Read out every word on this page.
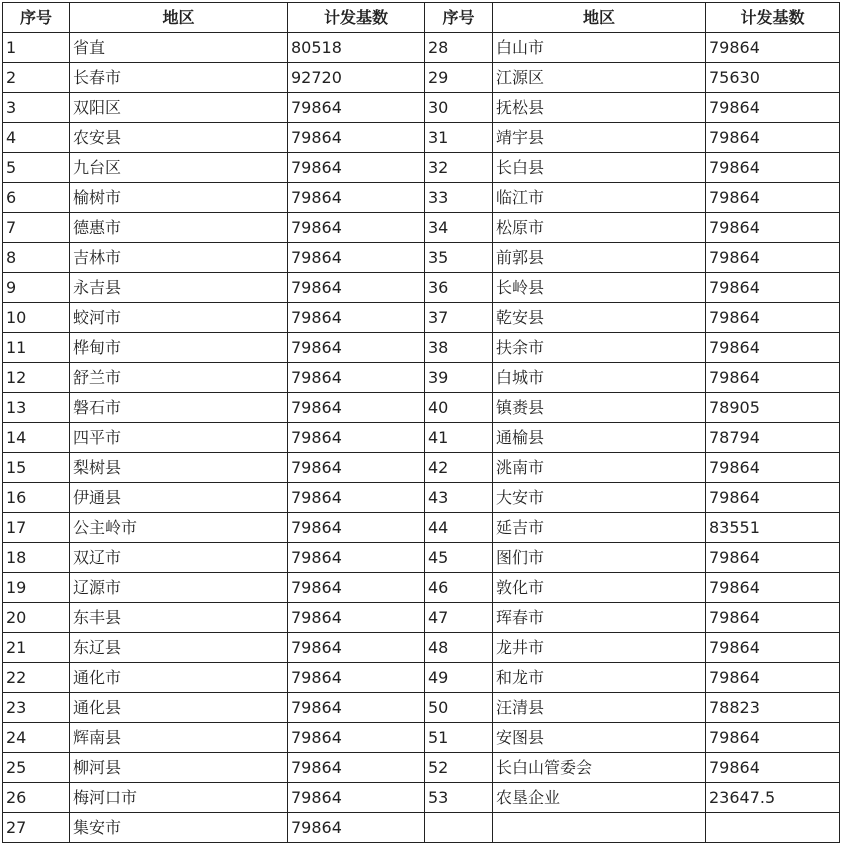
序号	地区	计发基数	序号	地区	计发基数
1	省直	80518	28	白山市	79864
2	长春市	92720	29	江源区	75630
3	双阳区	79864	30	抚松县	79864
4	农安县	79864	31	靖宇县	79864
5	九台区	79864	32	长白县	79864
6	榆树市	79864	33	临江市	79864
7	德惠市	79864	34	松原市	79864
8	吉林市	79864	35	前郭县	79864
9	永吉县	79864	36	长岭县	79864
10	蛟河市	79864	37	乾安县	79864
11	桦甸市	79864	38	扶余市	79864
12	舒兰市	79864	39	白城市	79864
13	磐石市	79864	40	镇赉县	78905
14	四平市	79864	41	通榆县	78794
15	梨树县	79864	42	洮南市	79864
16	伊通县	79864	43	大安市	79864
17	公主岭市	79864	44	延吉市	83551
18	双辽市	79864	45	图们市	79864
19	辽源市	79864	46	敦化市	79864
20	东丰县	79864	47	珲春市	79864
21	东辽县	79864	48	龙井市	79864
22	通化市	79864	49	和龙市	79864
23	通化县	79864	50	汪清县	78823
24	辉南县	79864	51	安图县	79864
25	柳河县	79864	52	长白山管委会	79864
26	梅河口市	79864	53	农垦企业	23647.5
27	集安市	79864			
